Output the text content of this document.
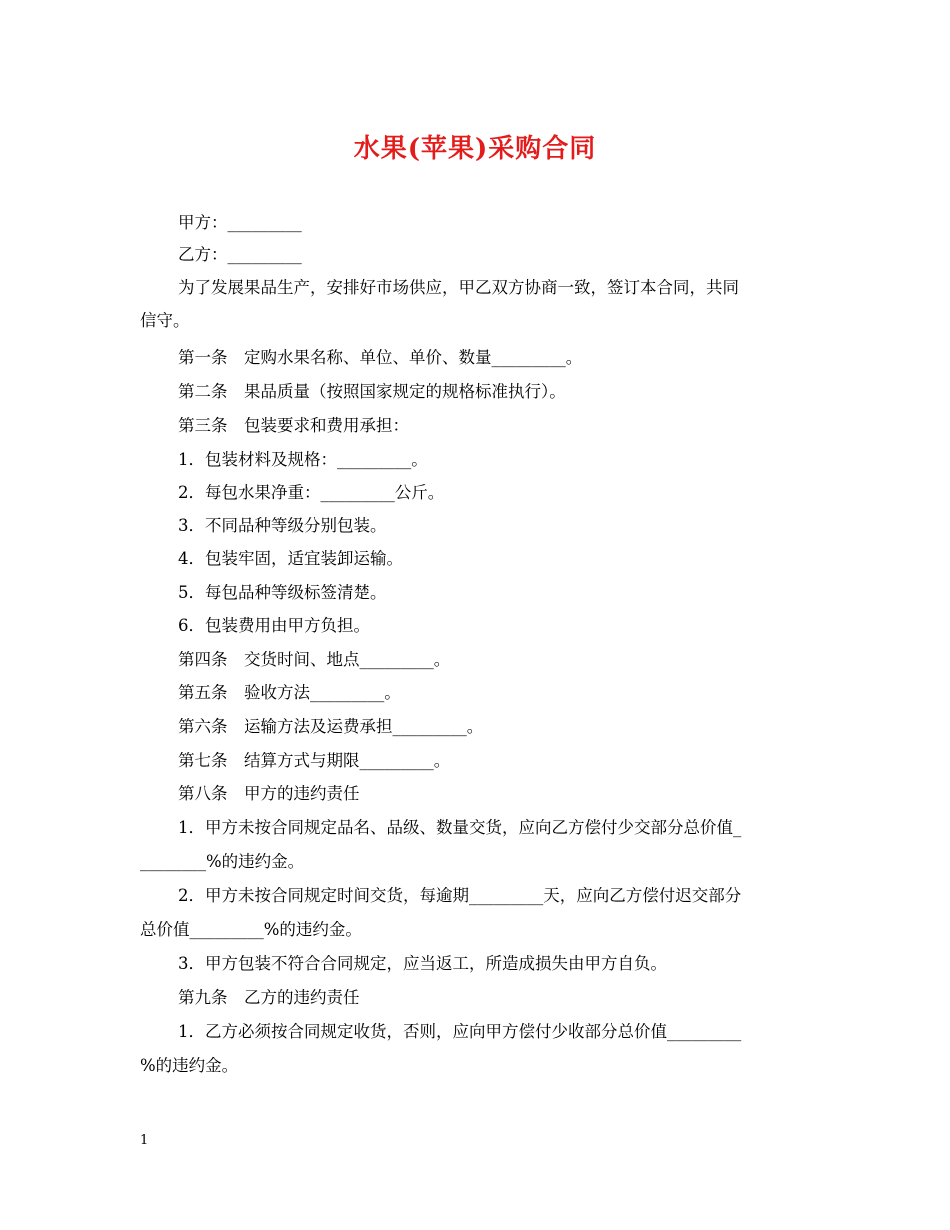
水果(苹果)采购合同
甲方：_________
乙方：_________
为了发展果品生产，安排好市场供应，甲乙双方协商一致，签订本合同，共同
信守。
第一条　定购水果名称、单位、单价、数量_________。
第二条　果品质量（按照国家规定的规格标准执行）。
第三条　包装要求和费用承担：
1．包装材料及规格：_________。
2．每包水果净重：_________公斤。
3．不同品种等级分别包装。
4．包装牢固，适宜装卸运输。
5．每包品种等级标签清楚。
6．包装费用由甲方负担。
第四条　交货时间、地点_________。
第五条　验收方法_________。
第六条　运输方法及运费承担_________。
第七条　结算方式与期限_________。
第八条　甲方的违约责任
1．甲方未按合同规定品名、品级、数量交货，应向乙方偿付少交部分总价值_
________%的违约金。
2．甲方未按合同规定时间交货，每逾期_________天，应向乙方偿付迟交部分
总价值_________%的违约金。
3．甲方包装不符合合同规定，应当返工，所造成损失由甲方自负。
第九条　乙方的违约责任
1．乙方必须按合同规定收货，否则，应向甲方偿付少收部分总价值_________
%的违约金。
1
